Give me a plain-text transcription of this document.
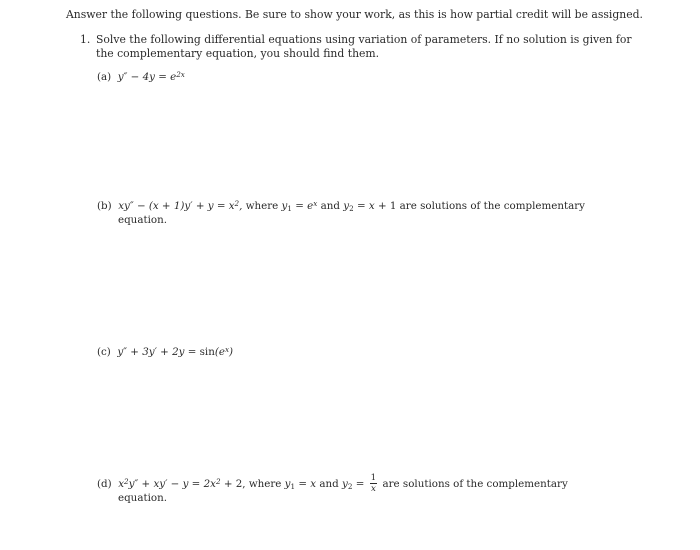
Answer the following questions. Be sure to show your work, as this is how partial credit will be assigned.
1. Solve the following differential equations using variation of parameters. If no solution is given for
the complementary equation, you should find them.
(a)  $y'' - 4y = e^{2x}$
(b)  $xy'' - (x + 1)y' + y = x^2$, where $y_1 = e^x$ and $y_2 = x + 1$ are solutions of the complementary
equation.
(c)  $y'' + 3y' + 2y = \sin(e^x)$
(d)  $x^2y'' + xy' - y = 2x^2 + 2$, where $y_1 = x$ and $y_2 = \frac{1}{x}$ are solutions of the complementary
equation.
